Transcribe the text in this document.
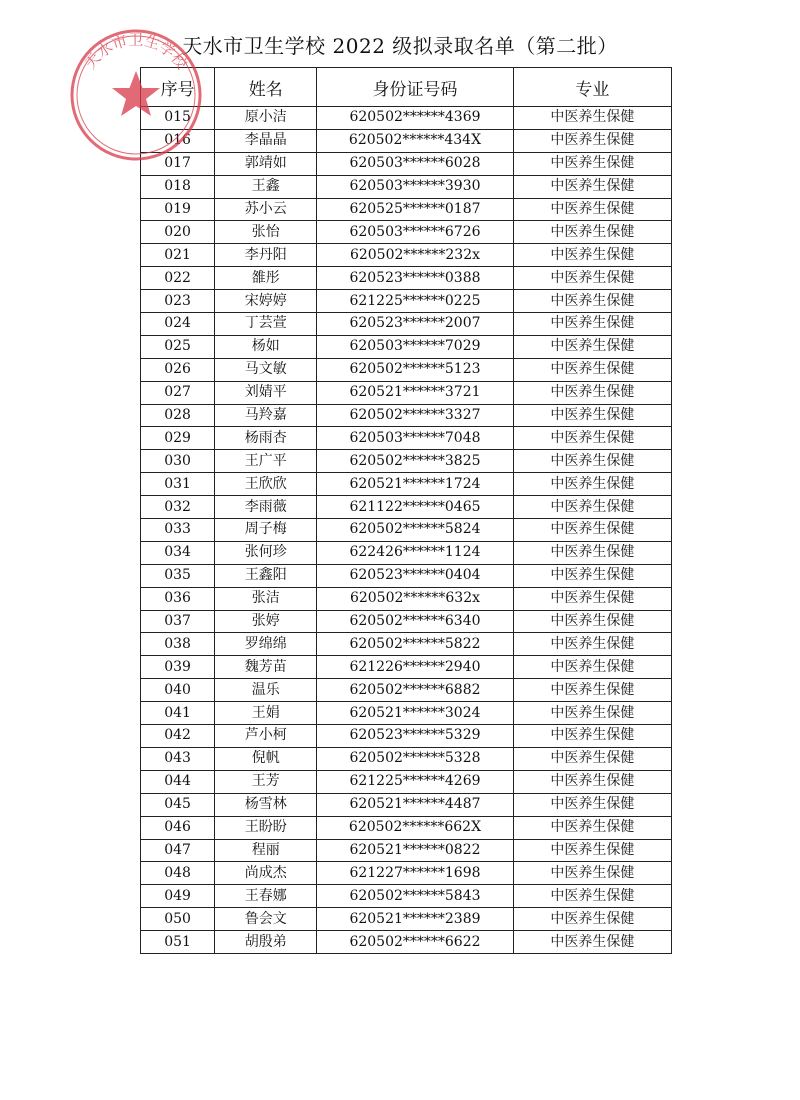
天水市卫生学校 2022 级拟录取名单（第二批）
序号	姓名	身份证号码	专业
015	原小洁	620502******4369	中医养生保健
016	李晶晶	620502******434X	中医养生保健
017	郭靖如	620503******6028	中医养生保健
018	王鑫	620503******3930	中医养生保健
019	苏小云	620525******0187	中医养生保健
020	张怡	620503******6726	中医养生保健
021	李丹阳	620502******232x	中医养生保健
022	雒彤	620523******0388	中医养生保健
023	宋婷婷	621225******0225	中医养生保健
024	丁芸萱	620523******2007	中医养生保健
025	杨如	620503******7029	中医养生保健
026	马文敏	620502******5123	中医养生保健
027	刘婧平	620521******3721	中医养生保健
028	马羚嘉	620502******3327	中医养生保健
029	杨雨杏	620503******7048	中医养生保健
030	王广平	620502******3825	中医养生保健
031	王欣欣	620521******1724	中医养生保健
032	李雨薇	621122******0465	中医养生保健
033	周子梅	620502******5824	中医养生保健
034	张何珍	622426******1124	中医养生保健
035	王鑫阳	620523******0404	中医养生保健
036	张洁	620502******632x	中医养生保健
037	张婷	620502******6340	中医养生保健
038	罗绵绵	620502******5822	中医养生保健
039	魏芳苗	621226******2940	中医养生保健
040	温乐	620502******6882	中医养生保健
041	王娟	620521******3024	中医养生保健
042	芦小柯	620523******5329	中医养生保健
043	倪帆	620502******5328	中医养生保健
044	王芳	621225******4269	中医养生保健
045	杨雪林	620521******4487	中医养生保健
046	王盼盼	620502******662X	中医养生保健
047	程丽	620521******0822	中医养生保健
048	尚成杰	621227******1698	中医养生保健
049	王春娜	620502******5843	中医养生保健
050	鲁会文	620521******2389	中医养生保健
051	胡殷弟	620502******6622	中医养生保健
天水市卫生学校
